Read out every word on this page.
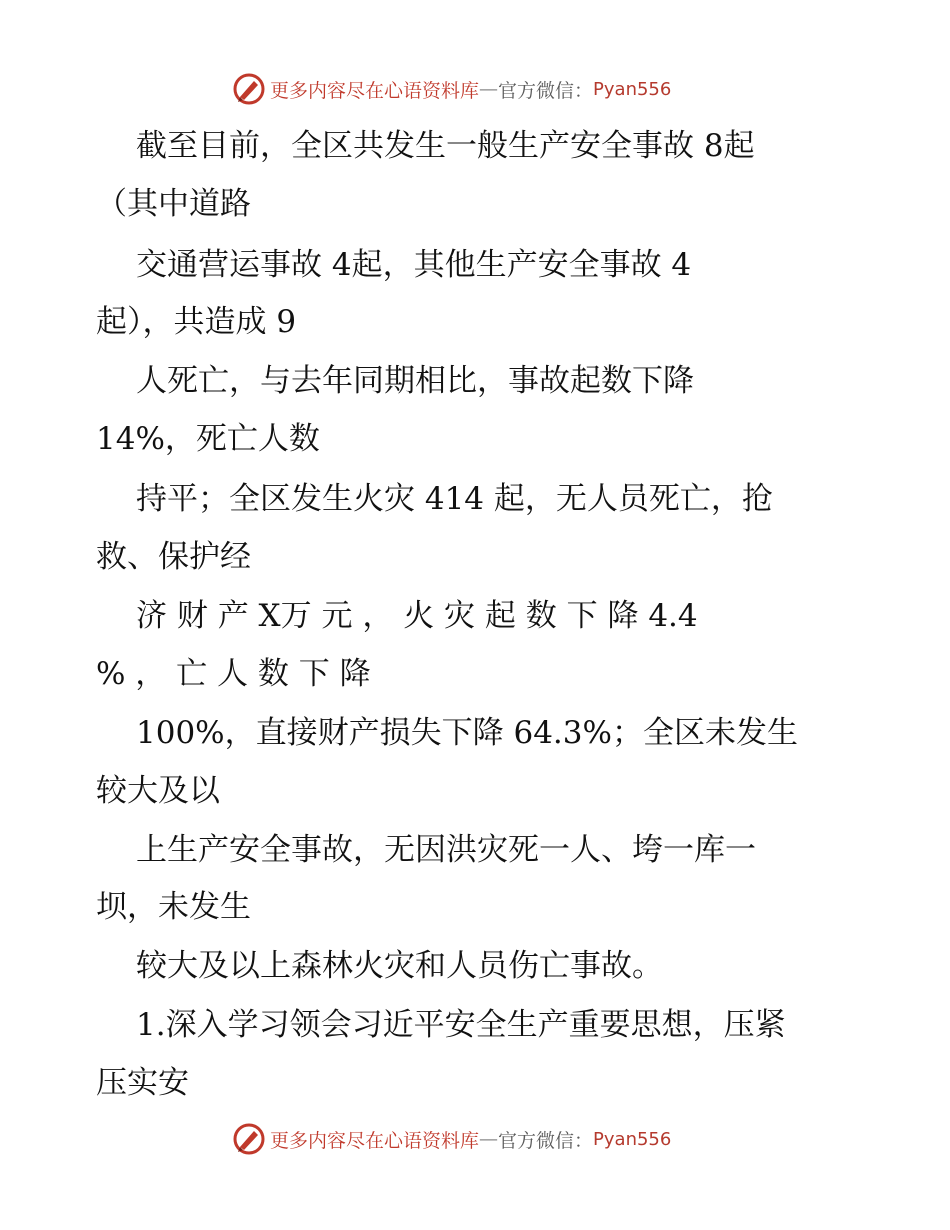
更多内容尽在心语资料库 — 官方微信： Pyan556
截至目前，全区共发生一般生产安全事故 8起
（其中道路
交通营运事故 4起，其他生产安全事故 4
起），共造成 9
人死亡，与去年同期相比，事故起数下降
14%，死亡人数
持平；全区发生火灾 414 起，无人员死亡，抢
救、保护经
济 财 产 X万 元 ， 火 灾 起 数 下 降 4.4
% ， 亡 人 数 下 降
100%，直接财产损失下降 64.3%；全区未发生
较大及以
上生产安全事故，无因洪灾死一人、垮一库一
坝，未发生
较大及以上森林火灾和人员伤亡事故。
1.深入学习领会习近平安全生产重要思想，压紧
压实安
更多内容尽在心语资料库 — 官方微信： Pyan556
